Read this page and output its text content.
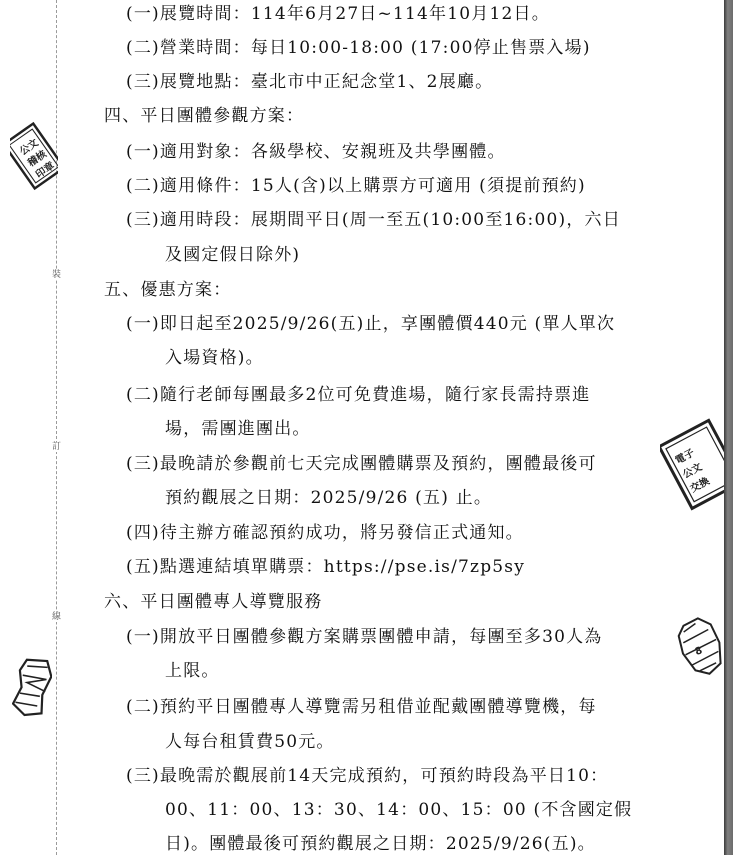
裝
訂
線
公文
稽核
印章
電子
公文
交換
8
(一)展覽時間：114年6月27日~114年10月12日。
(二)營業時間：每日10:00-18:00 (17:00停止售票入場)
(三)展覽地點：臺北市中正紀念堂1、2展廳。
四、平日團體參觀方案：
(一)適用對象：各級學校、安親班及共學團體。
(二)適用條件：15人(含)以上購票方可適用 (須提前預約)
(三)適用時段：展期間平日(周一至五(10:00至16:00)，六日
及國定假日除外)
五、優惠方案：
(一)即日起至2025/9/26(五)止，享團體價440元 (單人單次
入場資格)。
(二)隨行老師每團最多2位可免費進場，隨行家長需持票進
場，需團進團出。
(三)最晚請於參觀前七天完成團體購票及預約，團體最後可
預約觀展之日期：2025/9/26 (五) 止。
(四)待主辦方確認預約成功，將另發信正式通知。
(五)點選連結填單購票：https://pse.is/7zp5sy
六、平日團體專人導覽服務
(一)開放平日團體參觀方案購票團體申請，每團至多30人為
上限。
(二)預約平日團體專人導覽需另租借並配戴團體導覽機，每
人每台租賃費50元。
(三)最晚需於觀展前14天完成預約，可預約時段為平日10：
00、11：00、13：30、14：00、15：00 (不含國定假
日)。團體最後可預約觀展之日期：2025/9/26(五)。
